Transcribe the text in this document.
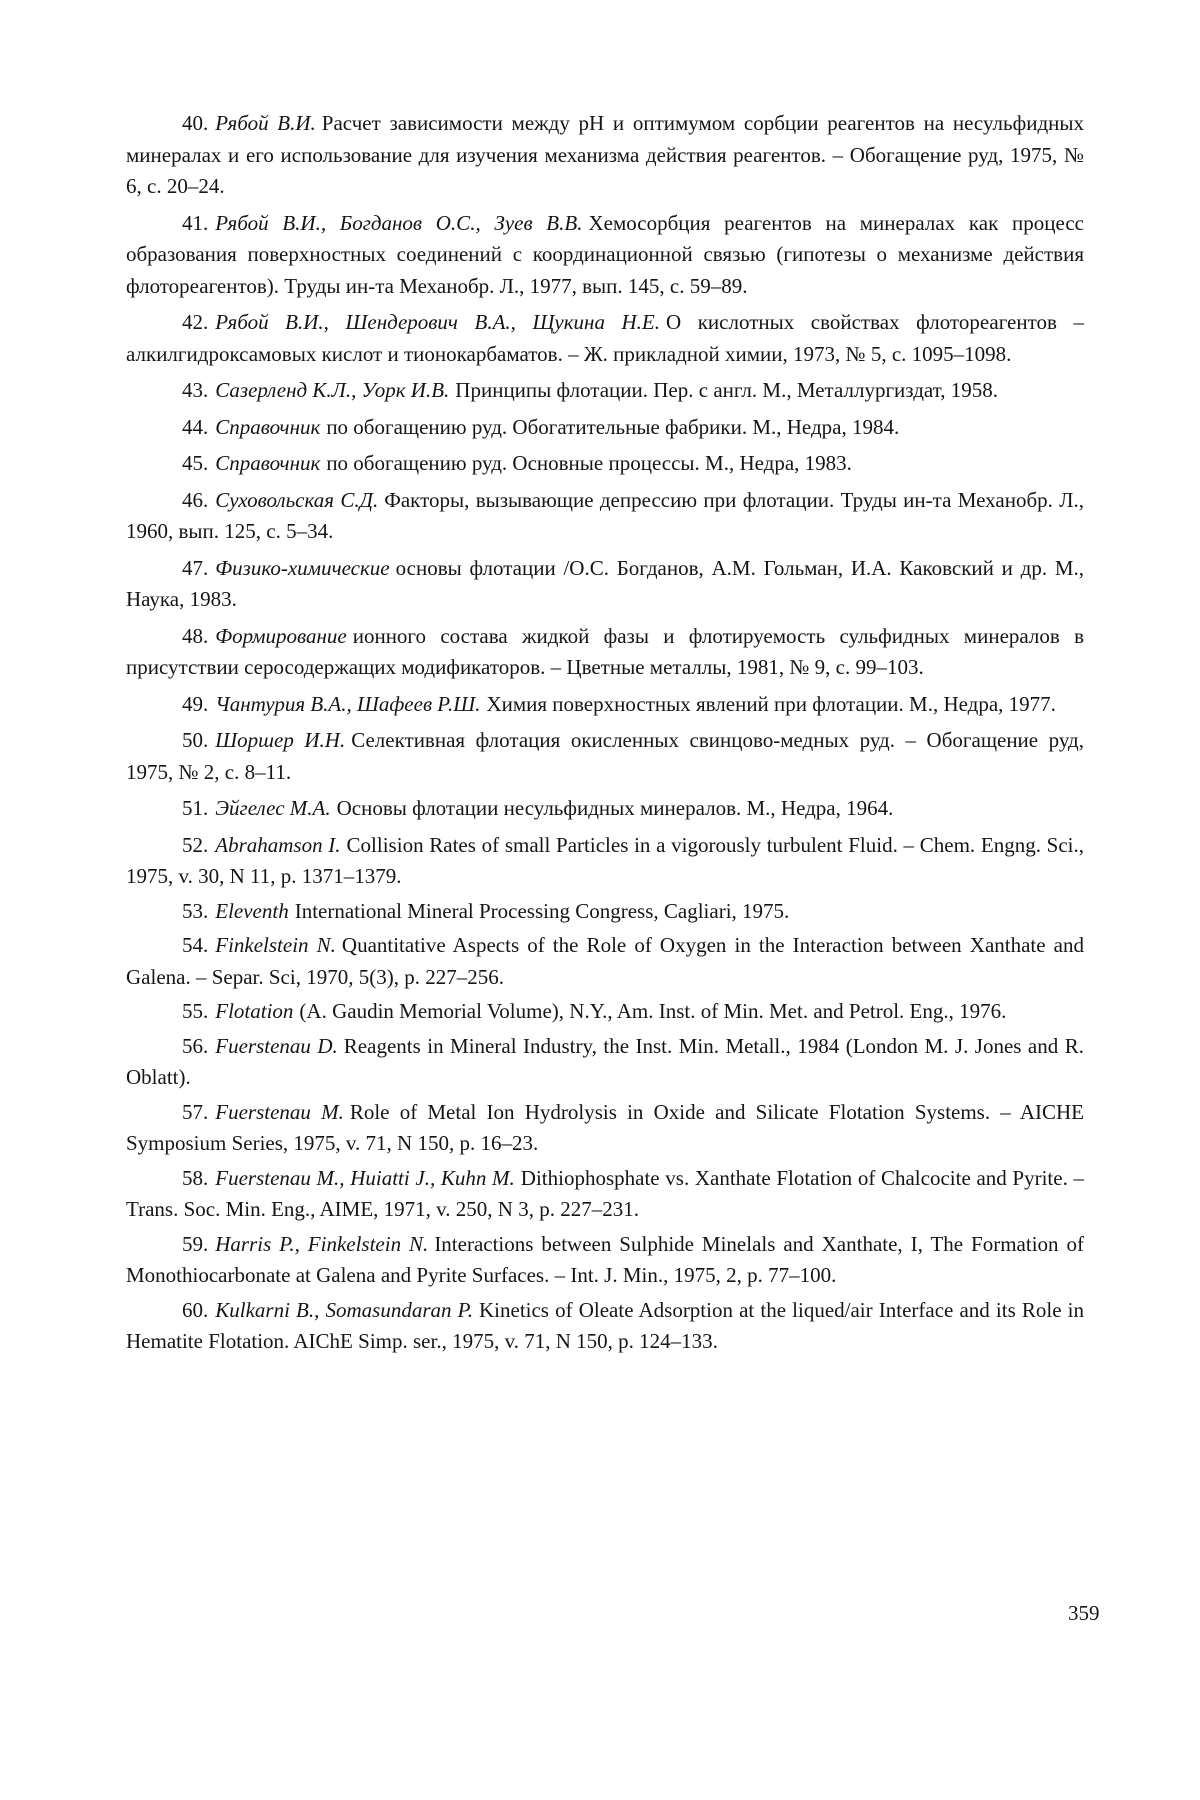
40. Рябой В.И. Расчет зависимости между pH и оптимумом сорбции реагентов на несульфидных минералах и его использование для изучения механизма действия реагентов. – Обогащение руд, 1975, № 6, с. 20–24.
41. Рябой В.И., Богданов О.С., Зуев В.В. Хемосорбция реагентов на минералах как процесс образования поверхностных соединений с координационной связью (гипотезы о механизме действия флотореагентов). Труды ин-та Механобр. Л., 1977, вып. 145, с. 59–89.
42. Рябой В.И., Шендерович В.А., Щукина Н.Е. О кислотных свойствах флотореагентов – алкилгидроксамовых кислот и тионокарбаматов. – Ж. прикладной химии, 1973, № 5, с. 1095–1098.
43. Сазерленд К.Л., Уорк И.В. Принципы флотации. Пер. с англ. М., Металлургиздат, 1958.
44. Справочник по обогащению руд. Обогатительные фабрики. М., Недра, 1984.
45. Справочник по обогащению руд. Основные процессы. М., Недра, 1983.
46. Суховольская С.Д. Факторы, вызывающие депрессию при флотации. Труды ин-та Механобр. Л., 1960, вып. 125, с. 5–34.
47. Физико-химические основы флотации /О.С. Богданов, А.М. Гольман, И.А. Каковский и др. М., Наука, 1983.
48. Формирование ионного состава жидкой фазы и флотируемость сульфидных минералов в присутствии серосодержащих модификаторов. – Цветные металлы, 1981, № 9, с. 99–103.
49. Чантурия В.А., Шафеев Р.Ш. Химия поверхностных явлений при флотации. М., Недра, 1977.
50. Шоршер И.Н. Селективная флотация окисленных свинцово-медных руд. – Обогащение руд, 1975, № 2, с. 8–11.
51. Эйгелес М.А. Основы флотации несульфидных минералов. М., Недра, 1964.
52. Abrahamson I. Collision Rates of small Particles in a vigorously turbulent Fluid. – Chem. Engng. Sci., 1975, v. 30, N 11, p. 1371–1379.
53. Eleventh International Mineral Processing Congress, Cagliari, 1975.
54. Finkelstein N. Quantitative Aspects of the Role of Oxygen in the Interaction between Xanthate and Galena. – Separ. Sci, 1970, 5(3), p. 227–256.
55. Flotation (A. Gaudin Memorial Volume), N.Y., Am. Inst. of Min. Met. and Petrol. Eng., 1976.
56. Fuerstenau D. Reagents in Mineral Industry, the Inst. Min. Metall., 1984 (London M. J. Jones and R. Oblatt).
57. Fuerstenau M. Role of Metal Ion Hydrolysis in Oxide and Silicate Flotation Systems. – AICHE Symposium Series, 1975, v. 71, N 150, p. 16–23.
58. Fuerstenau M., Huiatti J., Kuhn M. Dithiophosphate vs. Xanthate Flotation of Chalcocite and Pyrite. – Trans. Soc. Min. Eng., AIME, 1971, v. 250, N 3, p. 227–231.
59. Harris P., Finkelstein N. Interactions between Sulphide Minelals and Xanthate, I, The Formation of Monothiocarbonate at Galena and Pyrite Surfaces. – Int. J. Min., 1975, 2, p. 77–100.
60. Kulkarni B., Somasundaran P. Kinetics of Oleate Adsorption at the liqued/air Interface and its Role in Hematite Flotation. AIChE Simp. ser., 1975, v. 71, N 150, p. 124–133.
359
